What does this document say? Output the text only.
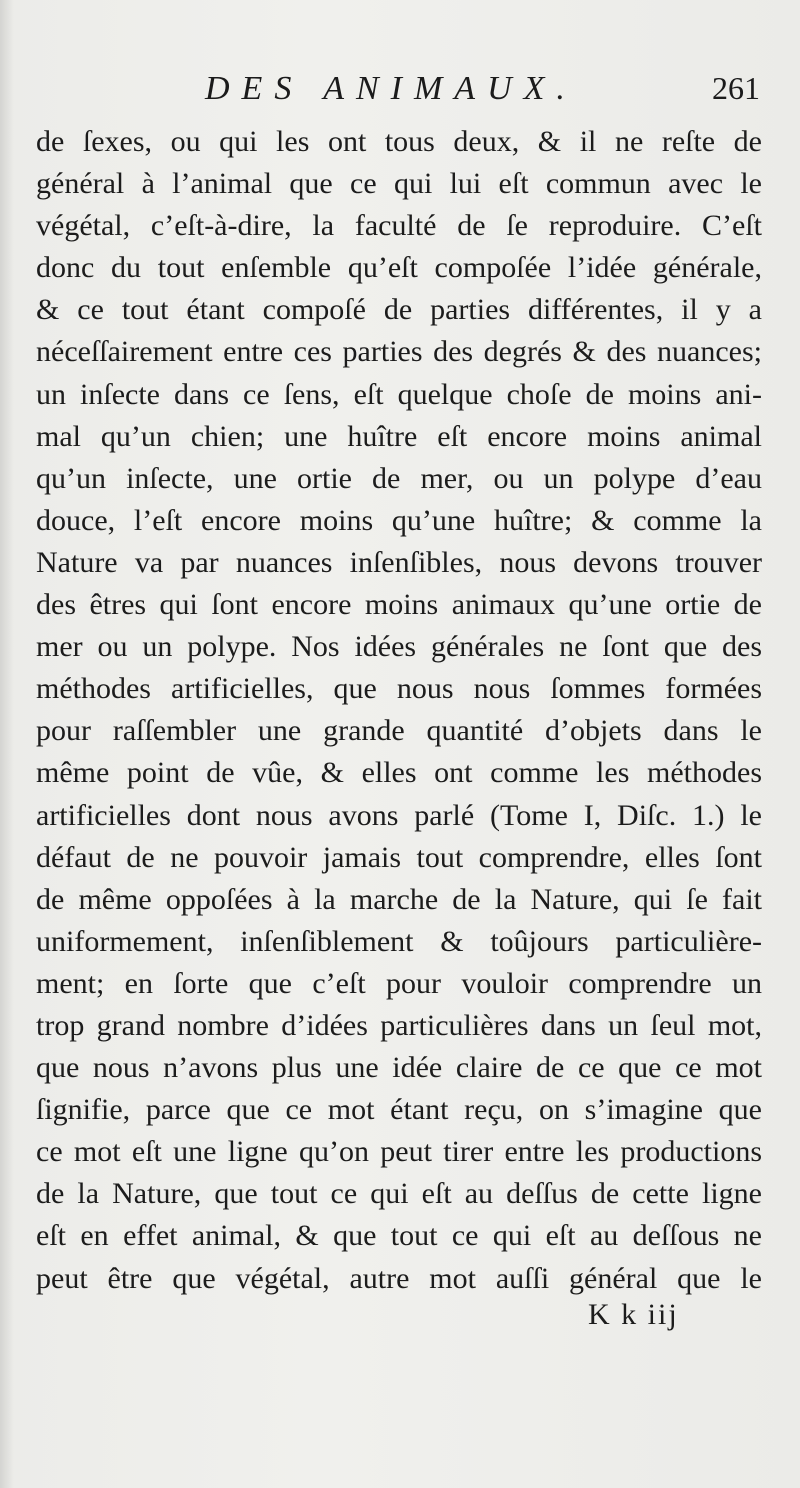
DES ANIMAUX.	261
de ſexes, ou qui les ont tous deux, & il ne reſte de
général à l’animal que ce qui lui eſt commun avec le
végétal, c’eſt-à-dire, la faculté de ſe reproduire. C’eſt
donc du tout enſemble qu’eſt compoſée l’idée générale,
& ce tout étant compoſé de parties différentes, il y a
néceſſairement entre ces parties des degrés & des nuances;
un inſecte dans ce ſens, eſt quelque choſe de moins ani-
mal qu’un chien; une huître eſt encore moins animal
qu’un inſecte, une ortie de mer, ou un polype d’eau
douce, l’eſt encore moins qu’une huître; & comme la
Nature va par nuances inſenſibles, nous devons trouver
des êtres qui ſont encore moins animaux qu’une ortie de
mer ou un polype. Nos idées générales ne ſont que des
méthodes artificielles, que nous nous ſommes formées
pour raſſembler une grande quantité d’objets dans le
même point de vûe, & elles ont comme les méthodes
artificielles dont nous avons parlé (Tome I, Diſc. 1.) le
défaut de ne pouvoir jamais tout comprendre, elles ſont
de même oppoſées à la marche de la Nature, qui ſe fait
uniformement, inſenſiblement & toûjours particulière-
ment; en ſorte que c’eſt pour vouloir comprendre un
trop grand nombre d’idées particulières dans un ſeul mot,
que nous n’avons plus une idée claire de ce que ce mot
ſignifie, parce que ce mot étant reçu, on s’imagine que
ce mot eſt une ligne qu’on peut tirer entre les productions
de la Nature, que tout ce qui eſt au deſſus de cette ligne
eſt en effet animal, & que tout ce qui eſt au deſſous ne
peut être que végétal, autre mot auſſi général que le
K k iij
